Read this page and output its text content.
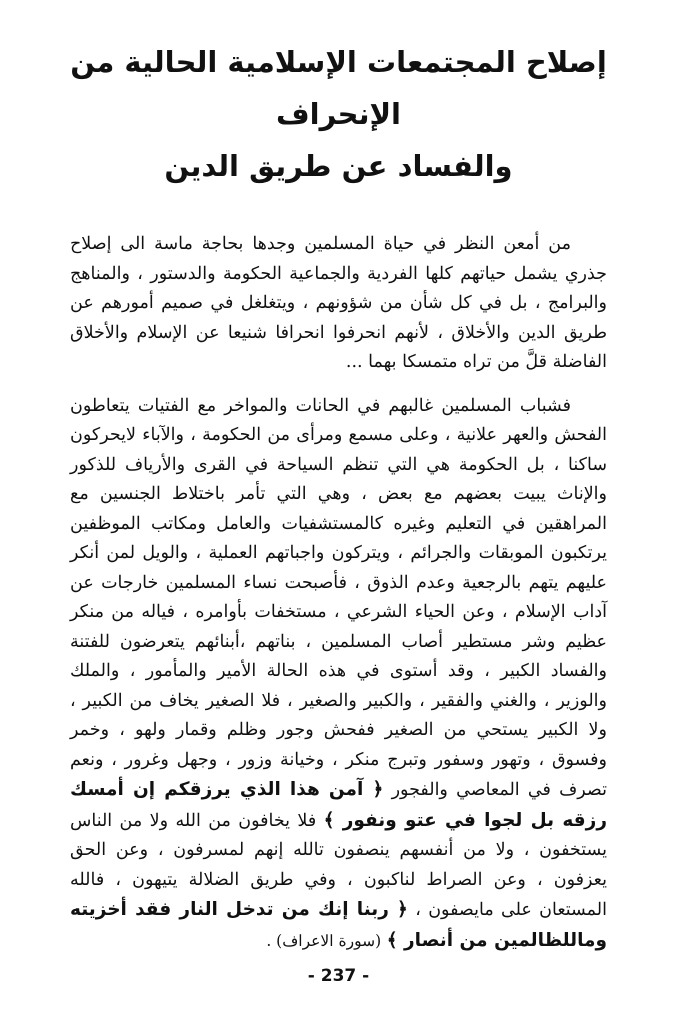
إصلاح المجتمعات الإسلامية الحالية من الإنحراف
والفساد عن طريق الدين

من أمعن النظر في حياة المسلمين وجدها بحاجة ماسة الى إصلاح جذري يشمل حياتهم كلها الفردية والجماعية الحكومة والدستور ، والمناهج والبرامج ، بل في كل شأن من شؤونهم ، ويتغلغل في صميم أمورهم عن طريق الدين والأخلاق ، لأنهم انحرفوا انحرافا شنيعا عن الإسلام والأخلاق الفاضلة قلَّ من تراه متمسكا بهما ...

فشباب المسلمين غالبهم في الحانات والمواخر مع الفتيات يتعاطون الفحش والعهر علانية ، وعلى مسمع ومرأى من الحكومة ، والآباء لايحركون ساكنا ، بل الحكومة هي التي تنظم السياحة في القرى والأرياف للذكور والإناث يبيت بعضهم مع بعض ، وهي التي تأمر باختلاط الجنسين مع المراهقين في التعليم وغيره كالمستشفيات والعامل ومكاتب الموظفين يرتكبون الموبقات والجرائم ، ويتركون واجباتهم العملية ، والويل لمن أنكر عليهم يتهم بالرجعية وعدم الذوق ، فأصبحت نساء المسلمين خارجات عن آداب الإسلام ، وعن الحياء الشرعي ، مستخفات بأوامره ، فياله من منكر عظيم وشر مستطير أصاب المسلمين ، بناتهم ،أبنائهم يتعرضون للفتنة والفساد الكبير ، وقد أستوى في هذه الحالة الأمير والمأمور ، والملك والوزير ، والغني والفقير ، والكبير والصغير ، فلا الصغير يخاف من الكبير ، ولا الكبير يستحي من الصغير ففحش وجور وظلم وقمار ولهو ، وخمر وفسوق ، وتهور وسفور وتبرج منكر ، وخيانة وزور ، وجهل وغرور ، ونعم تصرف في المعاصي والفجور ﴿ آمن هذا الذي يرزقكم إن أمسك رزقه بل لجوا في عتو ونفور ﴾ فلا يخافون من الله ولا من الناس يستخفون ، ولا من أنفسهم ينصفون تالله إنهم لمسرفون ، وعن الحق يعزفون ، وعن الصراط لناكبون ، وفي طريق الضلالة يتيهون ، فالله المستعان على مايصفون ، ﴿ ربنا إنك من تدخل النار فقد أخزيته وماللظالمين من أنصار ﴾ (سورة الاعراف) .

- 237 -
